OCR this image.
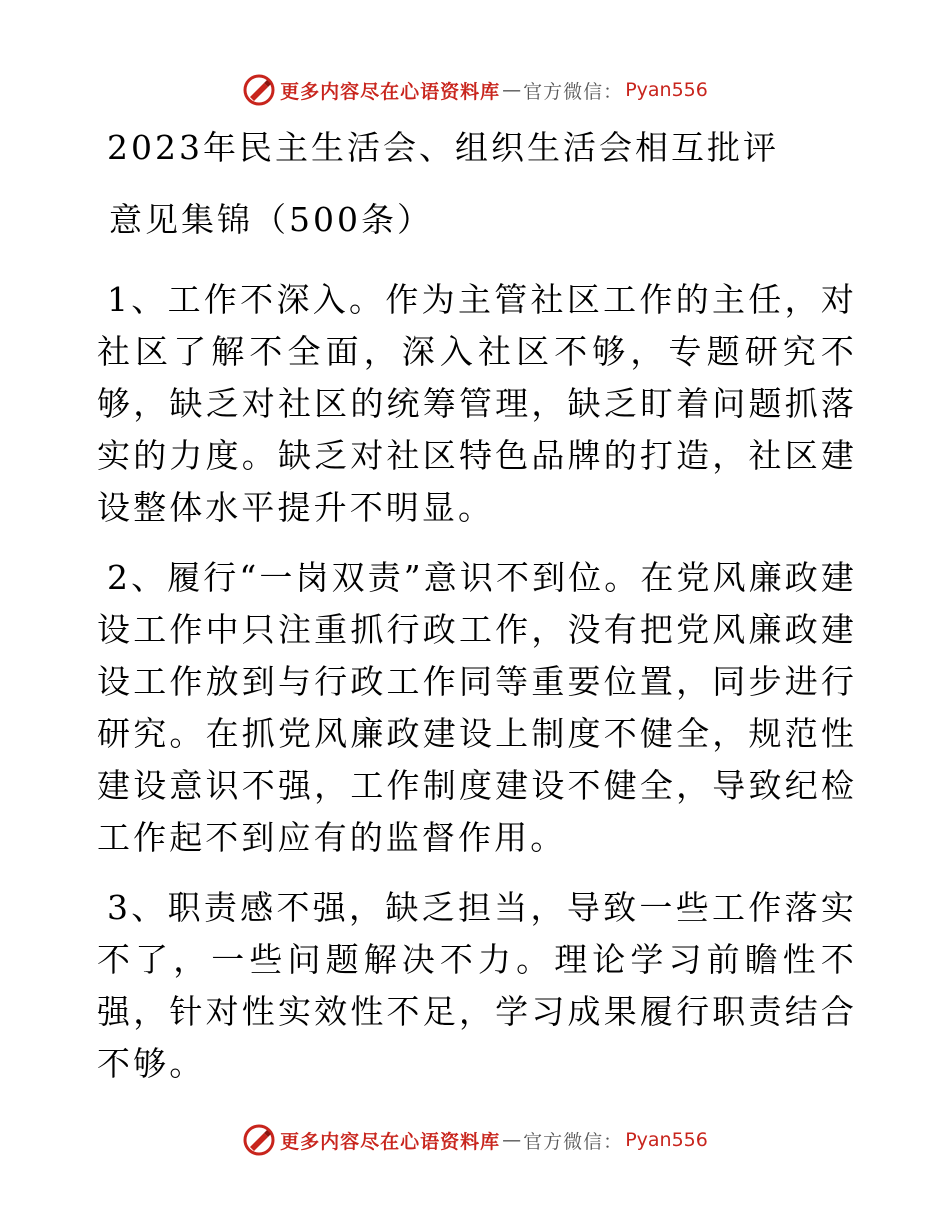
更多内容尽在心语资料库 — 官方微信： Pyan556
2023年民主生活会、组织生活会相互批评
意见集锦（500条）

1、工作不深入。作为主管社区工作的主任，对社区了解不全面，深入社区不够，专题研究不够，缺乏对社区的统筹管理，缺乏盯着问题抓落实的力度。缺乏对社区特色品牌的打造，社区建设整体水平提升不明显。

2、履行“一岗双责”意识不到位。在党风廉政建设工作中只注重抓行政工作，没有把党风廉政建设工作放到与行政工作同等重要位置，同步进行研究。在抓党风廉政建设上制度不健全，规范性建设意识不强，工作制度建设不健全，导致纪检工作起不到应有的监督作用。

3、职责感不强，缺乏担当，导致一些工作落实不了，一些问题解决不力。理论学习前瞻性不强，针对性实效性不足，学习成果履行职责结合不够。

更多内容尽在心语资料库 — 官方微信： Pyan556
